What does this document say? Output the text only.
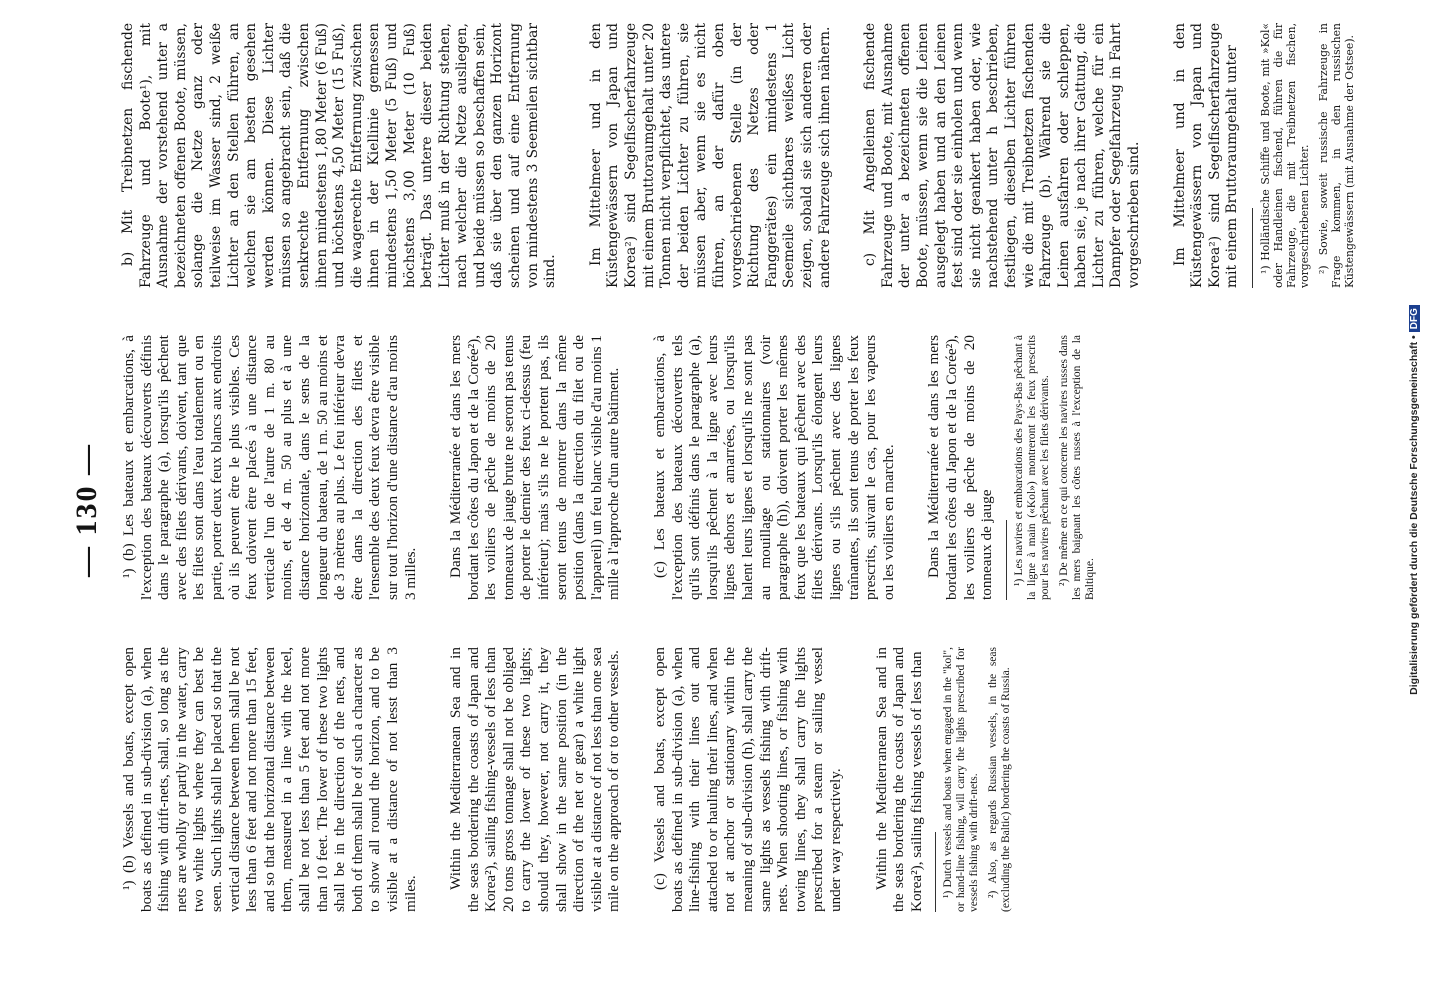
— 130 —

¹) (b) Vessels and boats, except open boats as defined in sub-division (a), when fishing with drift-nets, shall, so long as the nets are wholly or partly in the water, carry two white lights where they can best be seen. Such lights shall be placed so that the vertical distance between them shall be not less than 6 feet and not more than 15 feet, and so that the horizontal distance between them, measured in a line with the keel, shall be not less than 5 feet and not more than 10 feet. The lower of these two lights shall be in the direction of the nets, and both of them shall be of such a character as to show all round the horizon, and to be visible at a distance of not lesst than 3 miles.

Within the Mediterranean Sea and in the seas bordering the coasts of Japan and Korea²), sailing fishing-vessels of less than 20 tons gross tonnage shall not be obliged to carry the lower of these two lights; should they, however, not carry it, they shall show in the same position (in the direction of the net or gear) a white light visible at a distance of not less than one sea mile on the approach of or to other vessels. (c) Vessels and boats, except open boats as defined in sub-division (a), when line-fishing with their lines out and attached to or hauling their lines, and when not at anchor or stationary within the meaning of sub-division (h), shall carry the same lights as vessels fishing with drift-nets. When shooting lines, or fishing with towing lines, they shall carry the lights prescribed for a steam or sailing vessel under way respectively. Within the Mediterranean Sea and in the seas bordering the coasts of Japan and Korea²), sailing fishing vessels of less than ¹) Dutch vessels and boats when engaged in the "kol", or hand-line fishing, will carry the lights prescribed for vessels fishing with drift-nets. ²) Also, as regards Russian vessels, in the seas (excluding the Baltic) bordering the coasts of Russia.

¹) (b) Les bateaux et embarcations, à l'exception des bateaux découverts définis dans le paragraphe (a), lorsqu'ils pêchent avec des filets dérivants, doivent, tant que les filets sont dans l'eau totalement ou en partie, porter deux feux blancs aux endroits où ils peuvent être le plus visibles. Ces feux doivent être placés à une distance verticale l'un de l'autre de 1 m. 80 au moins, et de 4 m. 50 au plus et à une distance horizontale, dans le sens de la longueur du bateau, de 1 m. 50 au moins et de 3 mètres au plus. Le feu inférieur devra être dans la direction des filets et l'ensemble des deux feux devra être visible sur tout l'horizon d'une distance d'au moins 3 milles. Dans la Méditerranée et dans les mers bordant les côtes du Japon et de la Corée²), les voiliers de pêche de moins de 20 tonneaux de jauge brute ne seront pas tenus de porter le dernier des feux ci-dessus (feu inférieur); mais s'ils ne le portent pas, ils seront tenus de montrer dans la même position (dans la direction du filet ou de l'appareil) un feu blanc visible d'au moins 1 mille à l'approche d'un autre bâtiment. (c) Les bateaux et embarcations, à l'exception des bateaux découverts tels qu'ils sont définis dans le paragraphe (a), lorsqu'ils pêchent à la ligne avec leurs lignes dehors et amarrées, ou lorsqu'ils halent leurs lignes et lorsqu'ils ne sont pas au mouillage ou stationnaires (voir paragraphe (h)), doivent porter les mêmes feux que les bateaux qui pêchent avec des filets dérivants. Lorsqu'ils élongent leurs lignes ou s'ils pêchent avec des lignes traînantes, ils sont tenus de porter les feux prescrits, suivant le cas, pour les vapeurs ou les voiliers en marche. Dans la Méditerranée et dans les mers bordant les côtes du Japon et de la Corée²), les voiliers de pêche de moins de 20 tonneaux de jauge ¹) Les navires et embarcations des Pays-Bas pêchant à la ligne à main («Kol») montreront les feux prescrits pour les navires pêchant avec les filets dérivants. ²) De même en ce qui concerne les navires russes dans les mers baignant les côtes russes à l'exception de la Baltique.

b) Mit Treibnetzen fischende Fahrzeuge und Boote¹), mit Ausnahme der vorstehend unter a bezeichneten offenen Boote, müssen, solange die Netze ganz oder teilweise im Wasser sind, 2 weiße Lichter an den Stellen führen, an welchen sie am besten gesehen werden können. Diese Lichter müssen so angebracht sein, daß die senkrechte Entfernung zwischen ihnen mindestens 1,80 Meter (6 Fuß) und höchstens 4,50 Meter (15 Fuß), die wagerechte Entfernung zwischen ihnen in der Kiellinie gemessen mindestens 1,50 Meter (5 Fuß) und höchstens 3,00 Meter (10 Fuß) beträgt. Das untere dieser beiden Lichter muß in der Richtung stehen, nach welcher die Netze ausliegen, und beide müssen so beschaffen sein, daß sie über den ganzen Horizont scheinen und auf eine Entfernung von mindestens 3 Seemeilen sichtbar sind.

Im Mittelmeer und in den Küstengewässern von Japan und Korea²) sind Segelfischerfahrzeuge mit einem Bruttoraumgehalt unter 20 Tonnen nicht verpflichtet, das untere der beiden Lichter zu führen, sie müssen aber, wenn sie es nicht führen, an der dafür oben vorgeschriebenen Stelle (in der Richtung des Netzes oder Fanggerätes) ein mindestens 1 Seemeile sichtbares weißes Licht zeigen, sobald sie sich anderen oder andere Fahrzeuge sich ihnen nähern. c) Mit Angelleinen fischende Fahrzeuge und Boote, mit Ausnahme der unter a bezeichneten offenen Boote, müssen, wenn sie die Leinen ausgelegt haben und an den Leinen fest sind oder sie einholen und wenn sie nicht geankert haben oder, wie nachstehend unter h beschrieben, festliegen, dieselben Lichter führen wie die mit Treibnetzen fischenden Fahrzeuge (b). Während sie die Leinen ausfahren oder schleppen, haben sie, je nach ihrer Gattung, die Lichter zu führen, welche für ein Dampfer oder Segelfahrzeug in Fahrt vorgeschrieben sind. Im Mittelmeer und in den Küstengewässern von Japan und Korea²) sind Segelfischerfahrzeuge mit einem Bruttoraumgehalt unter ¹) Holländische Schiffe und Boote, mit »Kol« oder Handleinen fischend, führen die für Fahrzeuge, die mit Treibnetzen fischen, vorgeschriebenen Lichter. ²) Sowie, soweit russische Fahrzeuge in Frage kommen, in den russischen Küstengewässern (mit Ausnahme der Ostsee).

Digitalisierung gefördert durch die Deutsche Forschungsgemeinschaft •DFG
